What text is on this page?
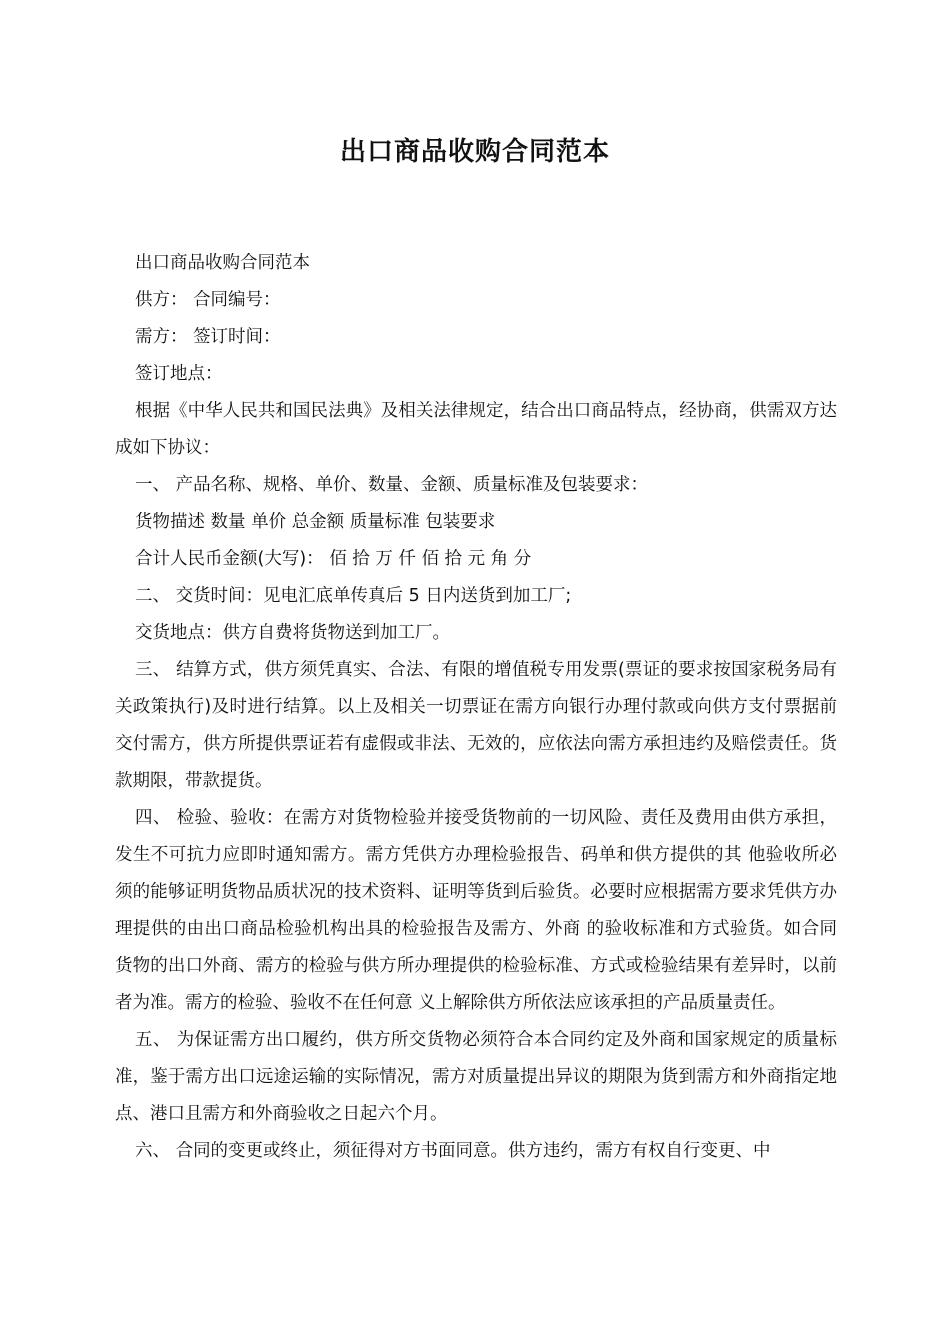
出口商品收购合同范本

出口商品收购合同范本

供方： 合同编号：

需方： 签订时间：

签订地点：

根据《中华人民共和国民法典》及相关法律规定，结合出口商品特点，经协商，供需双方达成如下协议：

一、 产品名称、规格、单价、数量、金额、质量标准及包装要求：

货物描述 数量 单价 总金额 质量标准 包装要求

合计人民币金额(大写)： 佰 拾 万 仟 佰 拾 元 角 分

二、 交货时间：见电汇底单传真后 5 日内送货到加工厂;

交货地点：供方自费将货物送到加工厂。

三、 结算方式，供方须凭真实、合法、有限的增值税专用发票(票证的要求按国家税务局有关政策执行)及时进行结算。以上及相关一切票证在需方向银行办理付款或向供方支付票据前交付需方，供方所提供票证若有虚假或非法、无效的，应依法向需方承担违约及赔偿责任。货款期限，带款提货。

四、 检验、验收：在需方对货物检验并接受货物前的一切风险、责任及费用由供方承担，发生不可抗力应即时通知需方。需方凭供方办理检验报告、码单和供方提供的其 他验收所必须的能够证明货物品质状况的技术资料、证明等货到后验货。必要时应根据需方要求凭供方办理提供的由出口商品检验机构出具的检验报告及需方、外商 的验收标准和方式验货。如合同货物的出口外商、需方的检验与供方所办理提供的检验标准、方式或检验结果有差异时，以前者为准。需方的检验、验收不在任何意 义上解除供方所依法应该承担的产品质量责任。

五、 为保证需方出口履约，供方所交货物必须符合本合同约定及外商和国家规定的质量标准，鉴于需方出口远途运输的实际情况，需方对质量提出异议的期限为货到需方和外商指定地点、港口且需方和外商验收之日起六个月。

六、 合同的变更或终止，须征得对方书面同意。供方违约，需方有权自行变更、中
